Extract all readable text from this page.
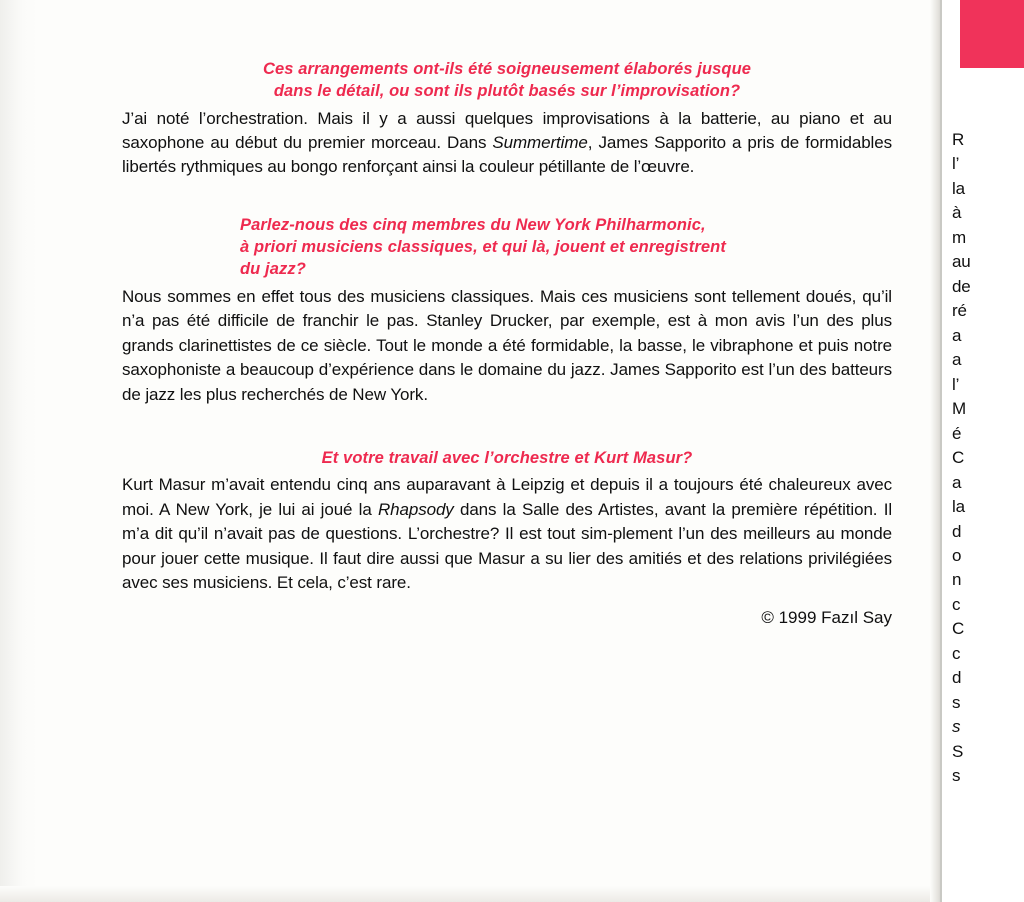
Ces arrangements ont-ils été soigneusement élaborés jusque
dans le détail, ou sont ils plutôt basés sur l’improvisation?

J’ai noté l’orchestration. Mais il y a aussi quelques improvisations à la batterie, au piano et au saxophone au début du premier morceau. Dans Summertime, James Sapporito a pris de formidables libertés rythmiques au bongo renforçant ainsi la couleur pétillante de l’œuvre.

Parlez-nous des cinq membres du New York Philharmonic,
à priori musiciens classiques, et qui là, jouent et enregistrent
du jazz?

Nous sommes en effet tous des musiciens classiques. Mais ces musiciens sont tellement doués, qu’il n’a pas été difficile de franchir le pas. Stanley Drucker, par exemple, est à mon avis l’un des plus grands clarinettistes de ce siècle. Tout le monde a été formidable, la basse, le vibraphone et puis notre saxophoniste a beaucoup d’expérience dans le domaine du jazz. James Sapporito est l’un des batteurs de jazz les plus recherchés de New York.

Et votre travail avec l’orchestre et Kurt Masur?

Kurt Masur m’avait entendu cinq ans auparavant à Leipzig et depuis il a toujours été chaleureux avec moi. A New York, je lui ai joué la Rhapsody dans la Salle des Artistes, avant la première répétition. Il m’a dit qu’il n’avait pas de questions. L’orchestre? Il est tout sim-plement l’un des meilleurs au monde pour jouer cette musique. Il faut dire aussi que Masur a su lier des amitiés et des relations privilégiées avec ses musiciens. Et cela, c’est rare.

© 1999 Fazıl Say

R
l’
la
à
m
au
de
ré
a
a
l’
M
é
C
a
la
d
o
n
c
C
c
d
s
s
S
s
